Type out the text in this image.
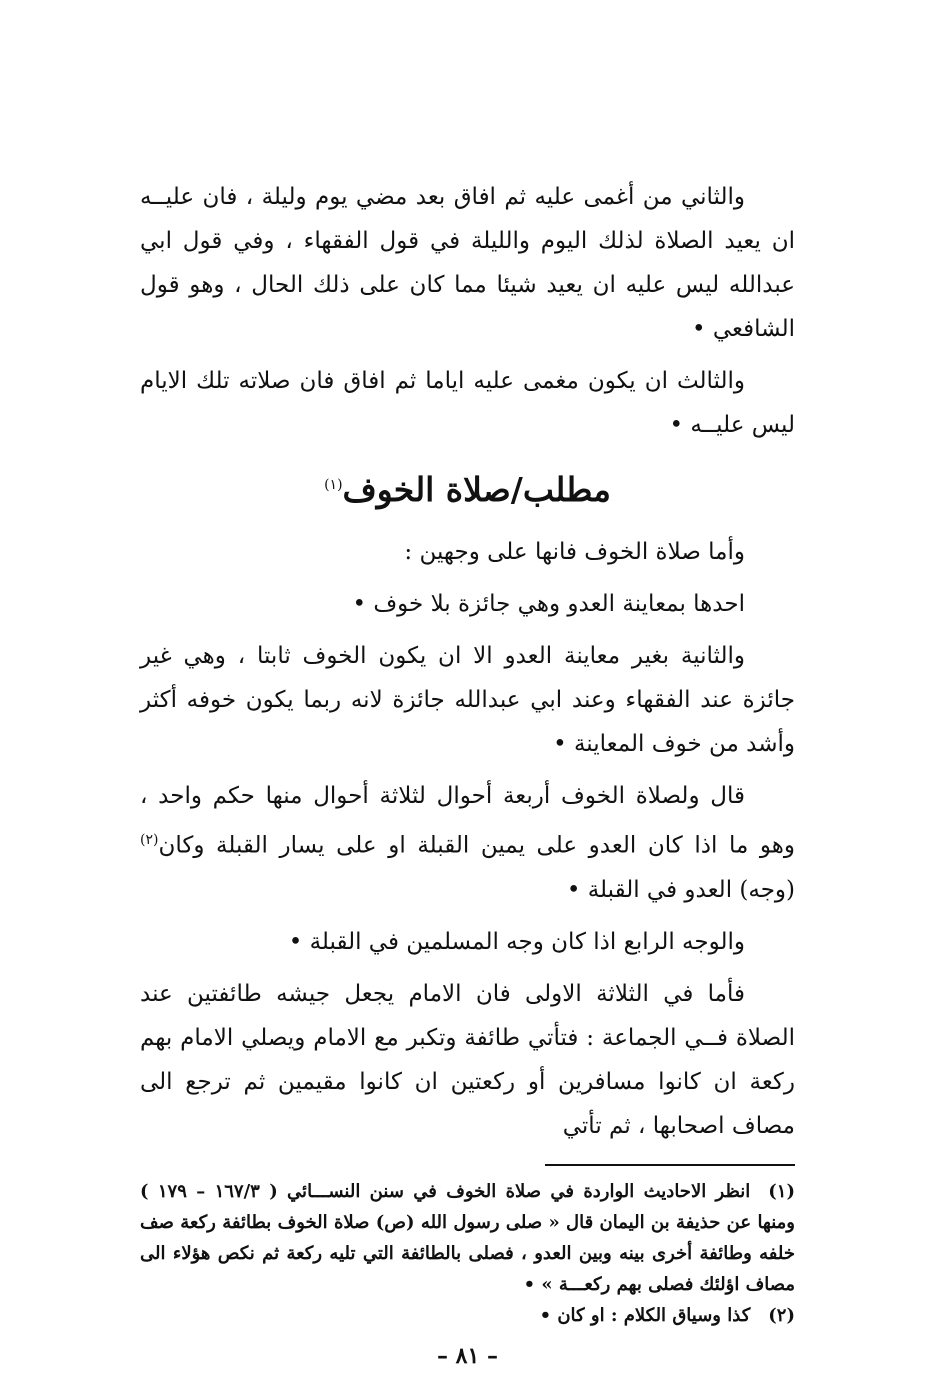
والثاني من أغمى عليه ثم افاق بعد مضي يوم وليلة ، فان عليــه ان يعيد الصلاة لذلك اليوم والليلة في قول الفقهاء ، وفي قول ابي عبدالله ليس عليه ان يعيد شيئا مما كان على ذلك الحال ، وهو قول الشافعي •

والثالث ان يكون مغمى عليه اياما ثم افاق فان صلاته تلك الايام ليس عليــه •

مطلب/صلاة الخوف$^{(١)}$

وأما صلاة الخوف فانها على وجهين :

احدها بمعاينة العدو وهي جائزة بلا خوف •

والثانية بغير معاينة العدو الا ان يكون الخوف ثابتا ، وهي غير جائزة عند الفقهاء وعند ابي عبدالله جائزة لانه ربما يكون خوفه أكثر وأشد من خوف المعاينة •

قال ولصلاة الخوف أربعة أحوال لثلاثة أحوال منها حكم واحد ، وهو ما اذا كان العدو على يمين القبلة او على يسار القبلة وكان$^{(٢)}$ (وجه) العدو في القبلة •

والوجه الرابع اذا كان وجه المسلمين في القبلة •

فأما في الثلاثة الاولى فان الامام يجعل جيشه طائفتين عند الصلاة فــي الجماعة : فتأتي طائفة وتكبر مع الامام ويصلي الامام بهم ركعة ان كانوا مسافرين أو ركعتين ان كانوا مقيمين ثم ترجع الى مصاف اصحابها ، ثم تأتي

(١)انظر الاحاديث الواردة في صلاة الخوف في سنن النســـائي ( ١٦٧/٣ – ١٧٩ ) ومنها عن حذيفة بن اليمان قال « صلى رسول الله (ص) صلاة الخوف بطائفة ركعة صف خلفه وطائفة أخرى بينه وبين العدو ، فصلى بالطائفة التي تليه ركعة ثم نكص هؤلاء الى مصاف اؤلئك فصلى بهم ركعـــة » •

(٢)كذا وسياق الكلام : او كان •

– ٨١ –
